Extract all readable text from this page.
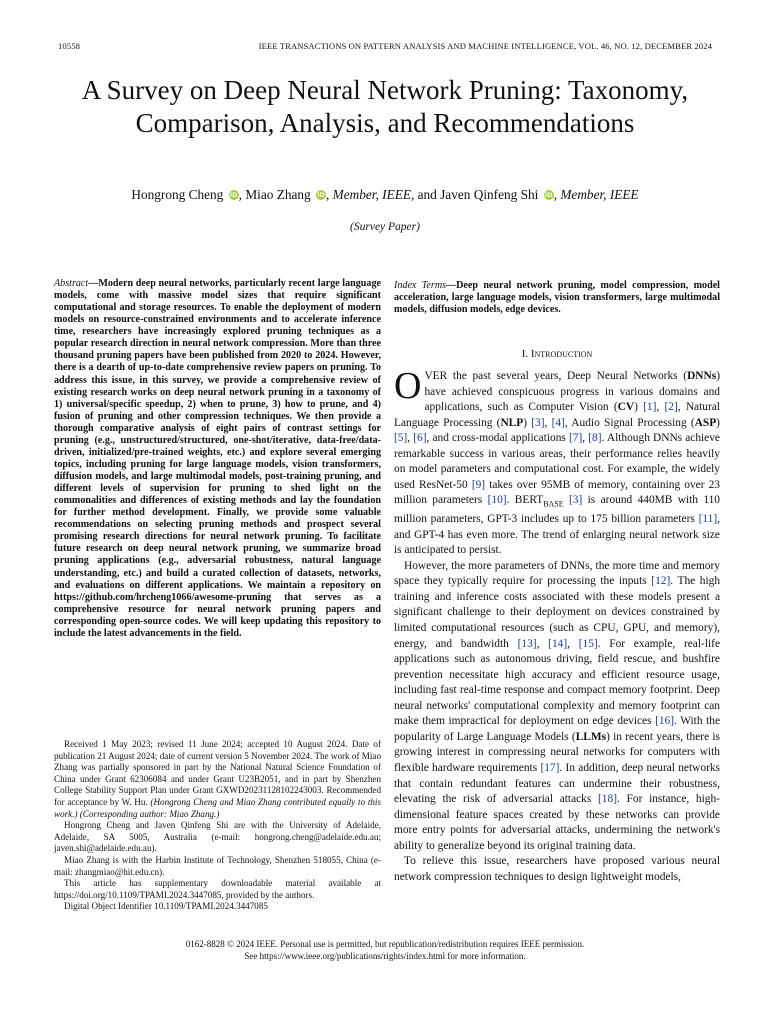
10558	IEEE TRANSACTIONS ON PATTERN ANALYSIS AND MACHINE INTELLIGENCE, VOL. 46, NO. 12, DECEMBER 2024
A Survey on Deep Neural Network Pruning: Taxonomy, Comparison, Analysis, and Recommendations
Hongrong Cheng iD, Miao Zhang iD, Member, IEEE, and Javen Qinfeng Shi iD, Member, IEEE
(Survey Paper)

Abstract—Modern deep neural networks, particularly recent large language models, come with massive model sizes that require significant computational and storage resources. To enable the deployment of modern models on resource-constrained environments and to accelerate inference time, researchers have increasingly explored pruning techniques as a popular research direction in neural network compression. More than three thousand pruning papers have been published from 2020 to 2024. However, there is a dearth of up-to-date comprehensive review papers on pruning. To address this issue, in this survey, we provide a comprehensive review of existing research works on deep neural network pruning in a taxonomy of 1) universal/specific speedup, 2) when to prune, 3) how to prune, and 4) fusion of pruning and other compression techniques. We then provide a thorough comparative analysis of eight pairs of contrast settings for pruning (e.g., unstructured/structured, one-shot/iterative, data-free/data-driven, initialized/pre-trained weights, etc.) and explore several emerging topics, including pruning for large language models, vision transformers, diffusion models, and large multimodal models, post-training pruning, and different levels of supervision for pruning to shed light on the commonalities and differences of existing methods and lay the foundation for further method development. Finally, we provide some valuable recommendations on selecting pruning methods and prospect several promising research directions for neural network pruning. To facilitate future research on deep neural network pruning, we summarize broad pruning applications (e.g., adversarial robustness, natural language understanding, etc.) and build a curated collection of datasets, networks, and evaluations on different applications. We maintain a repository on https://github.com/hrcheng1066/awesome-pruning that serves as a comprehensive resource for neural network pruning papers and corresponding open-source codes. We will keep updating this repository to include the latest advancements in the field.

Received 1 May 2023; revised 11 June 2024; accepted 10 August 2024. Date of publication 21 August 2024; date of current version 5 November 2024. The work of Miao Zhang was partially sponsored in part by the National Natural Science Foundation of China under Grant 62306084 and under Grant U23B2051, and in part by Shenzhen College Stability Support Plan under Grant GXWD20231128102243003. Recommended for acceptance by W. Hu. (Hongrong Cheng and Miao Zhang contributed equally to this work.) (Corresponding author: Miao Zhang.)

Hongrong Cheng and Javen Qinfeng Shi are with the University of Adelaide, Adelaide, SA 5005, Australia (e-mail: hongrong.cheng@adelaide.edu.au; javen.shi@adelaide.edu.au).

Miao Zhang is with the Harbin Institute of Technology, Shenzhen 518055, China (e-mail: zhangmiao@hit.edu.cn).

This article has supplementary downloadable material available at https://doi.org/10.1109/TPAMI.2024.3447085, provided by the authors.

Digital Object Identifier 10.1109/TPAMI.2024.3447085

Index Terms—Deep neural network pruning, model compression, model acceleration, large language models, vision transformers, large multimodal models, diffusion models, edge devices.

I. Introduction

OVER the past several years, Deep Neural Networks (DNNs) have achieved conspicuous progress in various domains and applications, such as Computer Vision (CV) [1], [2], Natural Language Processing (NLP) [3], [4], Audio Signal Processing (ASP) [5], [6], and cross-modal applications [7], [8]. Although DNNs achieve remarkable success in various areas, their performance relies heavily on model parameters and computational cost. For example, the widely used ResNet-50 [9] takes over 95MB of memory, containing over 23 million parameters [10]. $BERT_{BASE}$ [3] is around 440MB with 110 million parameters, GPT-3 includes up to 175 billion parameters [11], and GPT-4 has even more. The trend of enlarging neural network size is anticipated to persist.

However, the more parameters of DNNs, the more time and memory space they typically require for processing the inputs [12]. The high training and inference costs associated with these models present a significant challenge to their deployment on devices constrained by limited computational resources (such as CPU, GPU, and memory), energy, and bandwidth [13], [14], [15]. For example, real-life applications such as autonomous driving, field rescue, and bushfire prevention necessitate high accuracy and efficient resource usage, including fast real-time response and compact memory footprint. Deep neural networks' computational complexity and memory footprint can make them impractical for deployment on edge devices [16]. With the popularity of Large Language Models (LLMs) in recent years, there is growing interest in compressing neural networks for computers with flexible hardware requirements [17]. In addition, deep neural networks that contain redundant features can undermine their robustness, elevating the risk of adversarial attacks [18]. For instance, high-dimensional feature spaces created by these networks can provide more entry points for adversarial attacks, undermining the network's ability to generalize beyond its original training data.

To relieve this issue, researchers have proposed various neural network compression techniques to design lightweight models,

0162-8828 © 2024 IEEE. Personal use is permitted, but republication/redistribution requires IEEE permission.
See https://www.ieee.org/publications/rights/index.html for more information.
